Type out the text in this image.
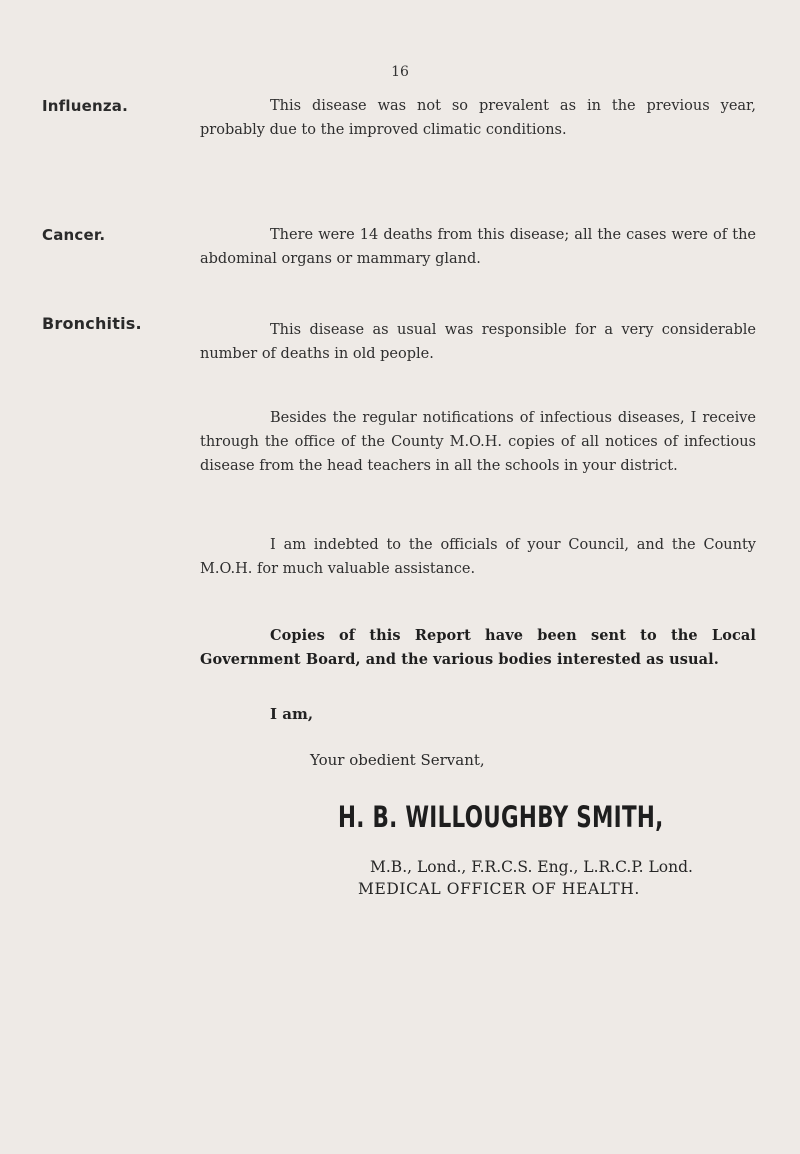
16
Influenza.	This disease was not so prevalent as in the previous year, probably due to the improved climatic conditions.
Cancer.	There were 14 deaths from this disease; all the cases were of the abdominal organs or mammary gland.
Bronchitis.	This disease as usual was responsible for a very considerable number of deaths in old people.
Besides the regular notifications of infectious diseases, I receive through the office of the County M.O.H. copies of all notices of infectious disease from the head teachers in all the schools in your district.
I am indebted to the officials of your Council, and the County M.O.H. for much valuable assistance.
Copies of this Report have been sent to the Local Government Board, and the various bodies interested as usual.
I am,
Your obedient Servant,
H. B. WILLOUGHBY SMITH,
M.B., Lond., F.R.C.S. Eng., L.R.C.P. Lond.
MEDICAL OFFICER OF HEALTH.
